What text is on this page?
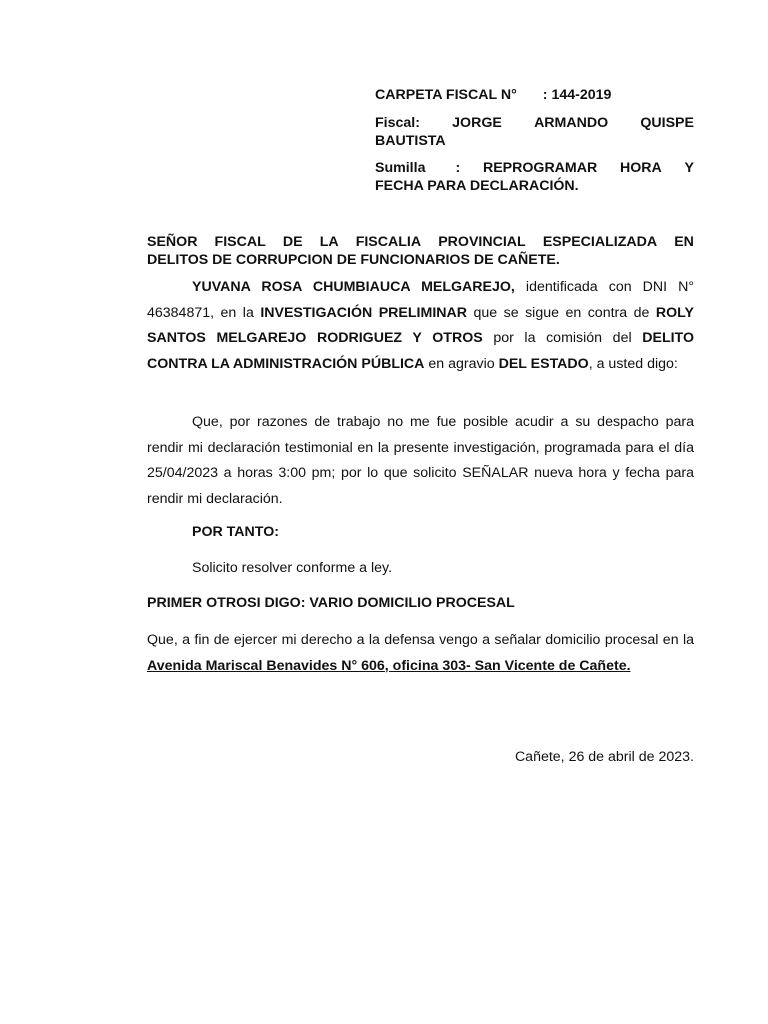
CARPETA FISCAL N° : 144-2019
Fiscal: JORGE ARMANDO QUISPE
BAUTISTA
Sumilla : REPROGRAMAR HORA Y
FECHA PARA DECLARACIÓN.
SEÑOR FISCAL DE LA FISCALIA PROVINCIAL ESPECIALIZADA EN
DELITOS DE CORRUPCION DE FUNCIONARIOS DE CAÑETE.
YUVANA ROSA CHUMBIAUCA MELGAREJO, identificada con DNI N° 46384871, en la INVESTIGACIÓN PRELIMINAR que se sigue en contra de ROLY SANTOS MELGAREJO RODRIGUEZ Y OTROS por la comisión del DELITO CONTRA LA ADMINISTRACIÓN PÚBLICA en agravio DEL ESTADO, a usted digo:
Que, por razones de trabajo no me fue posible acudir a su despacho para rendir mi declaración testimonial en la presente investigación, programada para el día 25/04/2023 a horas 3:00 pm; por lo que solicito SEÑALAR nueva hora y fecha para rendir mi declaración.
POR TANTO:
Solicito resolver conforme a ley.
PRIMER OTROSI DIGO: VARIO DOMICILIO PROCESAL
Que, a fin de ejercer mi derecho a la defensa vengo a señalar domicilio procesal en la Avenida Mariscal Benavides N° 606, oficina 303- San Vicente de Cañete.
Cañete, 26 de abril de 2023.
